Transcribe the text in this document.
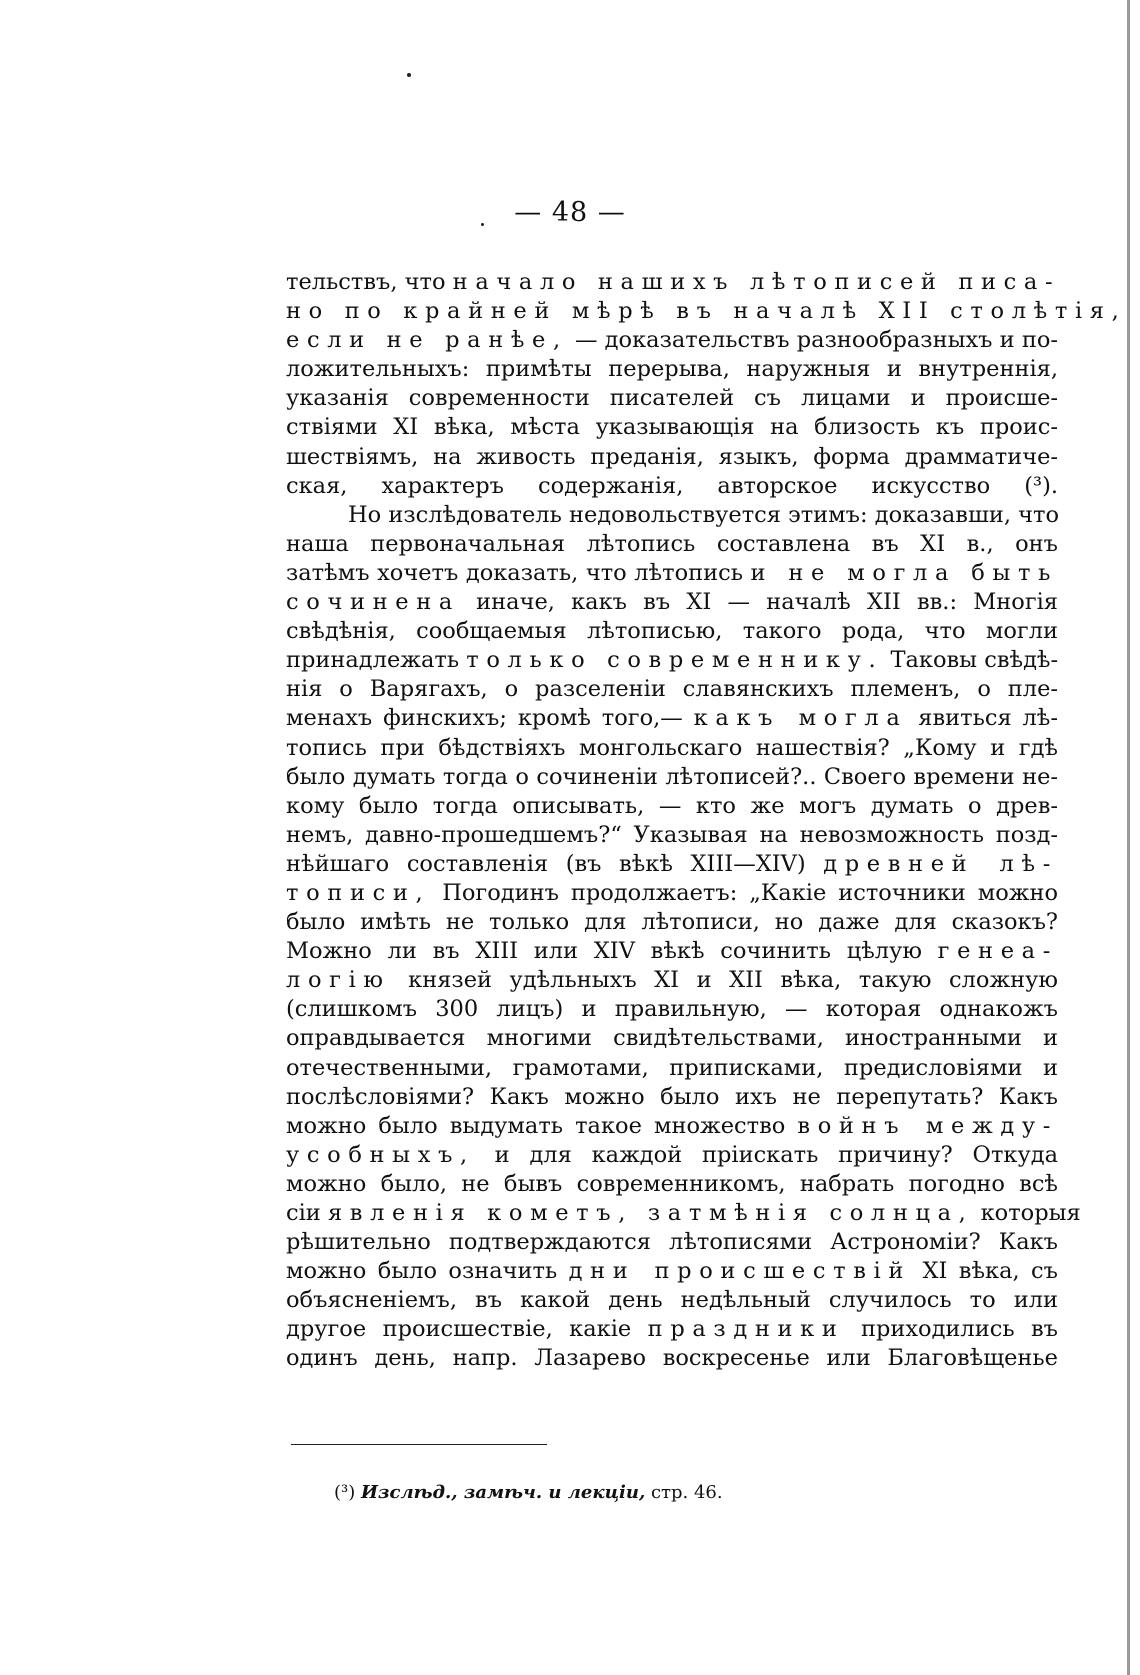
— 48 —
тельствъ, что начало нашихъ лѣтописей писа-
но по крайней мѣрѣ въ началѣ XII столѣтія,
если не ранѣе, — доказательствъ разнообразныхъ и по-
ложительныхъ: примѣты перерыва, наружныя и внутреннія,
указанія современности писателей съ лицами и происше-
ствіями XI вѣка, мѣста указывающія на близость къ проис-
шествіямъ, на живость преданія, языкъ, форма драмматиче-
ская, характеръ содержанія, авторское искусство (³).
Но изслѣдователь недовольствуется этимъ: доказавши, что
наша первоначальная лѣтопись составлена въ XI в., онъ
затѣмъ хочетъ доказать, что лѣтопись и не могла быть
сочинена иначе, какъ въ XI — началѣ XII вв.: Многія
свѣдѣнія, сообщаемыя лѣтописью, такого рода, что могли
принадлежать только современнику. Таковы свѣдѣ-
нія о Варягахъ, о разселеніи славянскихъ племенъ, о пле-
менахъ финскихъ; кромѣ того,— какъ могла явиться лѣ-
топись при бѣдствіяхъ монгольскаго нашествія? „Кому и гдѣ
было думать тогда о сочиненіи лѣтописей?.. Своего времени не-
кому было тогда описывать, — кто же могъ думать о древ-
немъ, давно-прошедшемъ?“ Указывая на невозможность позд-
нѣйшаго составленія (въ вѣкѣ XIII—XIV) древней лѣ-
тописи, Погодинъ продолжаетъ: „Какіе источники можно
было имѣть не только для лѣтописи, но даже для сказокъ?
Можно ли въ XIII или XIV вѣкѣ сочинить цѣлую генеа-
логію князей удѣльныхъ XI и XII вѣка, такую сложную
(слишкомъ 300 лицъ) и правильную, — которая однакожъ
оправдывается многими свидѣтельствами, иностранными и
отечественными, грамотами, приписками, предисловіями и
послѣсловіями? Какъ можно было ихъ не перепутать? Какъ
можно было выдумать такое множество войнъ между-
усобныхъ, и для каждой пріискать причину? Откуда
можно было, не бывъ современникомъ, набрать погодно всѣ
сіи явленія кометъ, затмѣнія солнца, которыя
рѣшительно подтверждаются лѣтописями Астрономіи? Какъ
можно было означить дни происшествій XI вѣка, съ
объясненіемъ, въ какой день недѣльный случилось то или
другое происшествіе, какіе праздники приходились въ
одинъ день, напр. Лазарево воскресенье или Благовѣщенье
(³) Изслѣд., замѣч. и лекціи, стр. 46.
